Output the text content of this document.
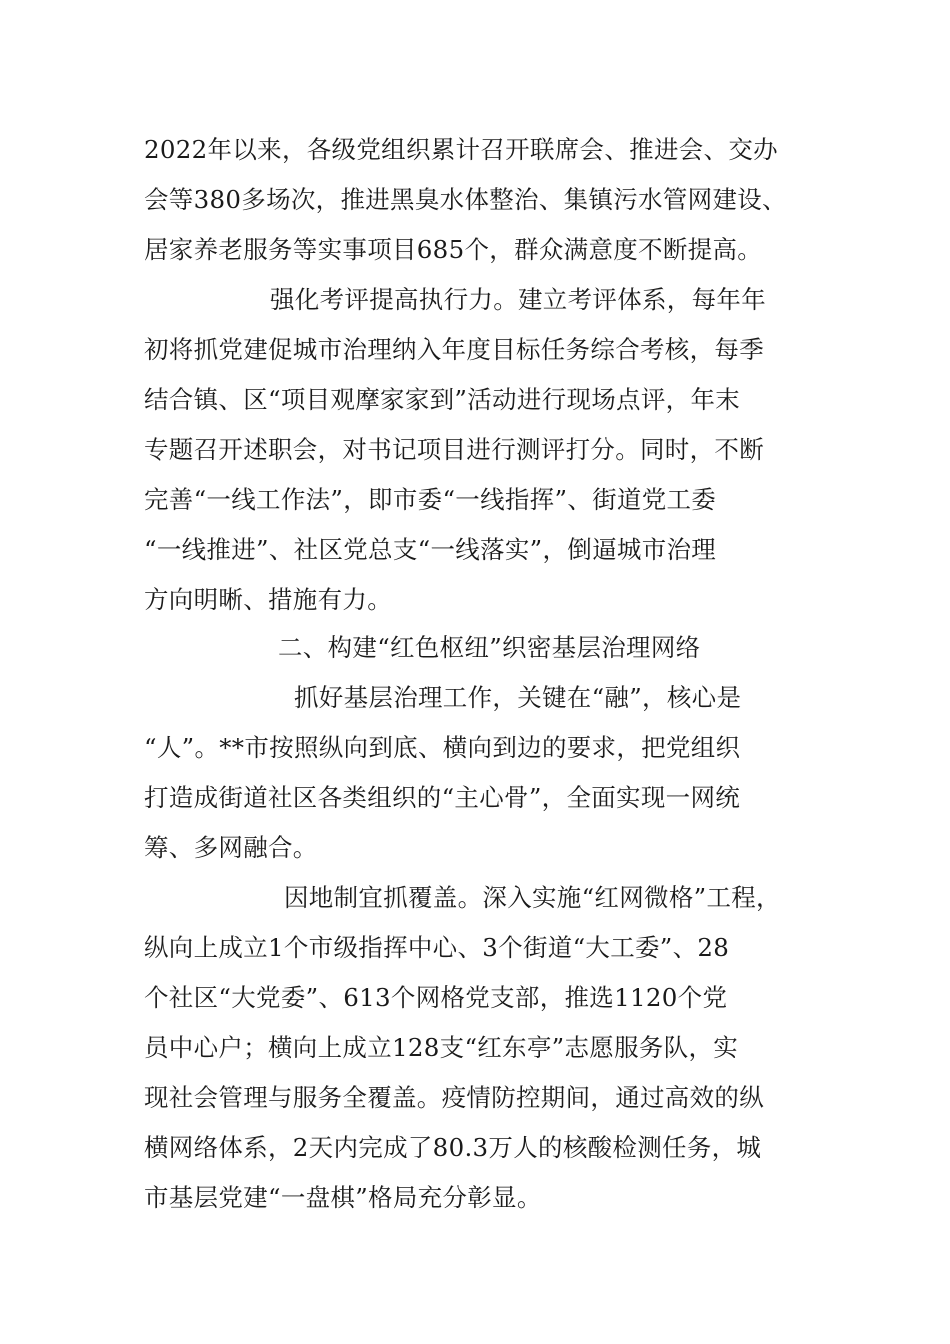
2022年以来，各级党组织累计召开联席会、推进会、交办
会等380多场次，推进黑臭水体整治、集镇污水管网建设、
居家养老服务等实事项目685个，群众满意度不断提高。
强化考评提高执行力。建立考评体系，每年年
初将抓党建促城市治理纳入年度目标任务综合考核，每季
结合镇、区“项目观摩家家到”活动进行现场点评，年末
专题召开述职会，对书记项目进行测评打分。同时，不断
完善“一线工作法”，即市委“一线指挥”、街道党工委
“一线推进”、社区党总支“一线落实”，倒逼城市治理
方向明晰、措施有力。
二、构建“红色枢纽”织密基层治理网络
抓好基层治理工作，关键在“融”，核心是
“人”。**市按照纵向到底、横向到边的要求，把党组织
打造成街道社区各类组织的“主心骨”，全面实现一网统
筹、多网融合。
因地制宜抓覆盖。深入实施“红网微格”工程，
纵向上成立1个市级指挥中心、3个街道“大工委”、28
个社区“大党委”、613个网格党支部，推选1120个党
员中心户；横向上成立128支“红东亭”志愿服务队，实
现社会管理与服务全覆盖。疫情防控期间，通过高效的纵
横网络体系，2天内完成了80.3万人的核酸检测任务，城
市基层党建“一盘棋”格局充分彰显。
